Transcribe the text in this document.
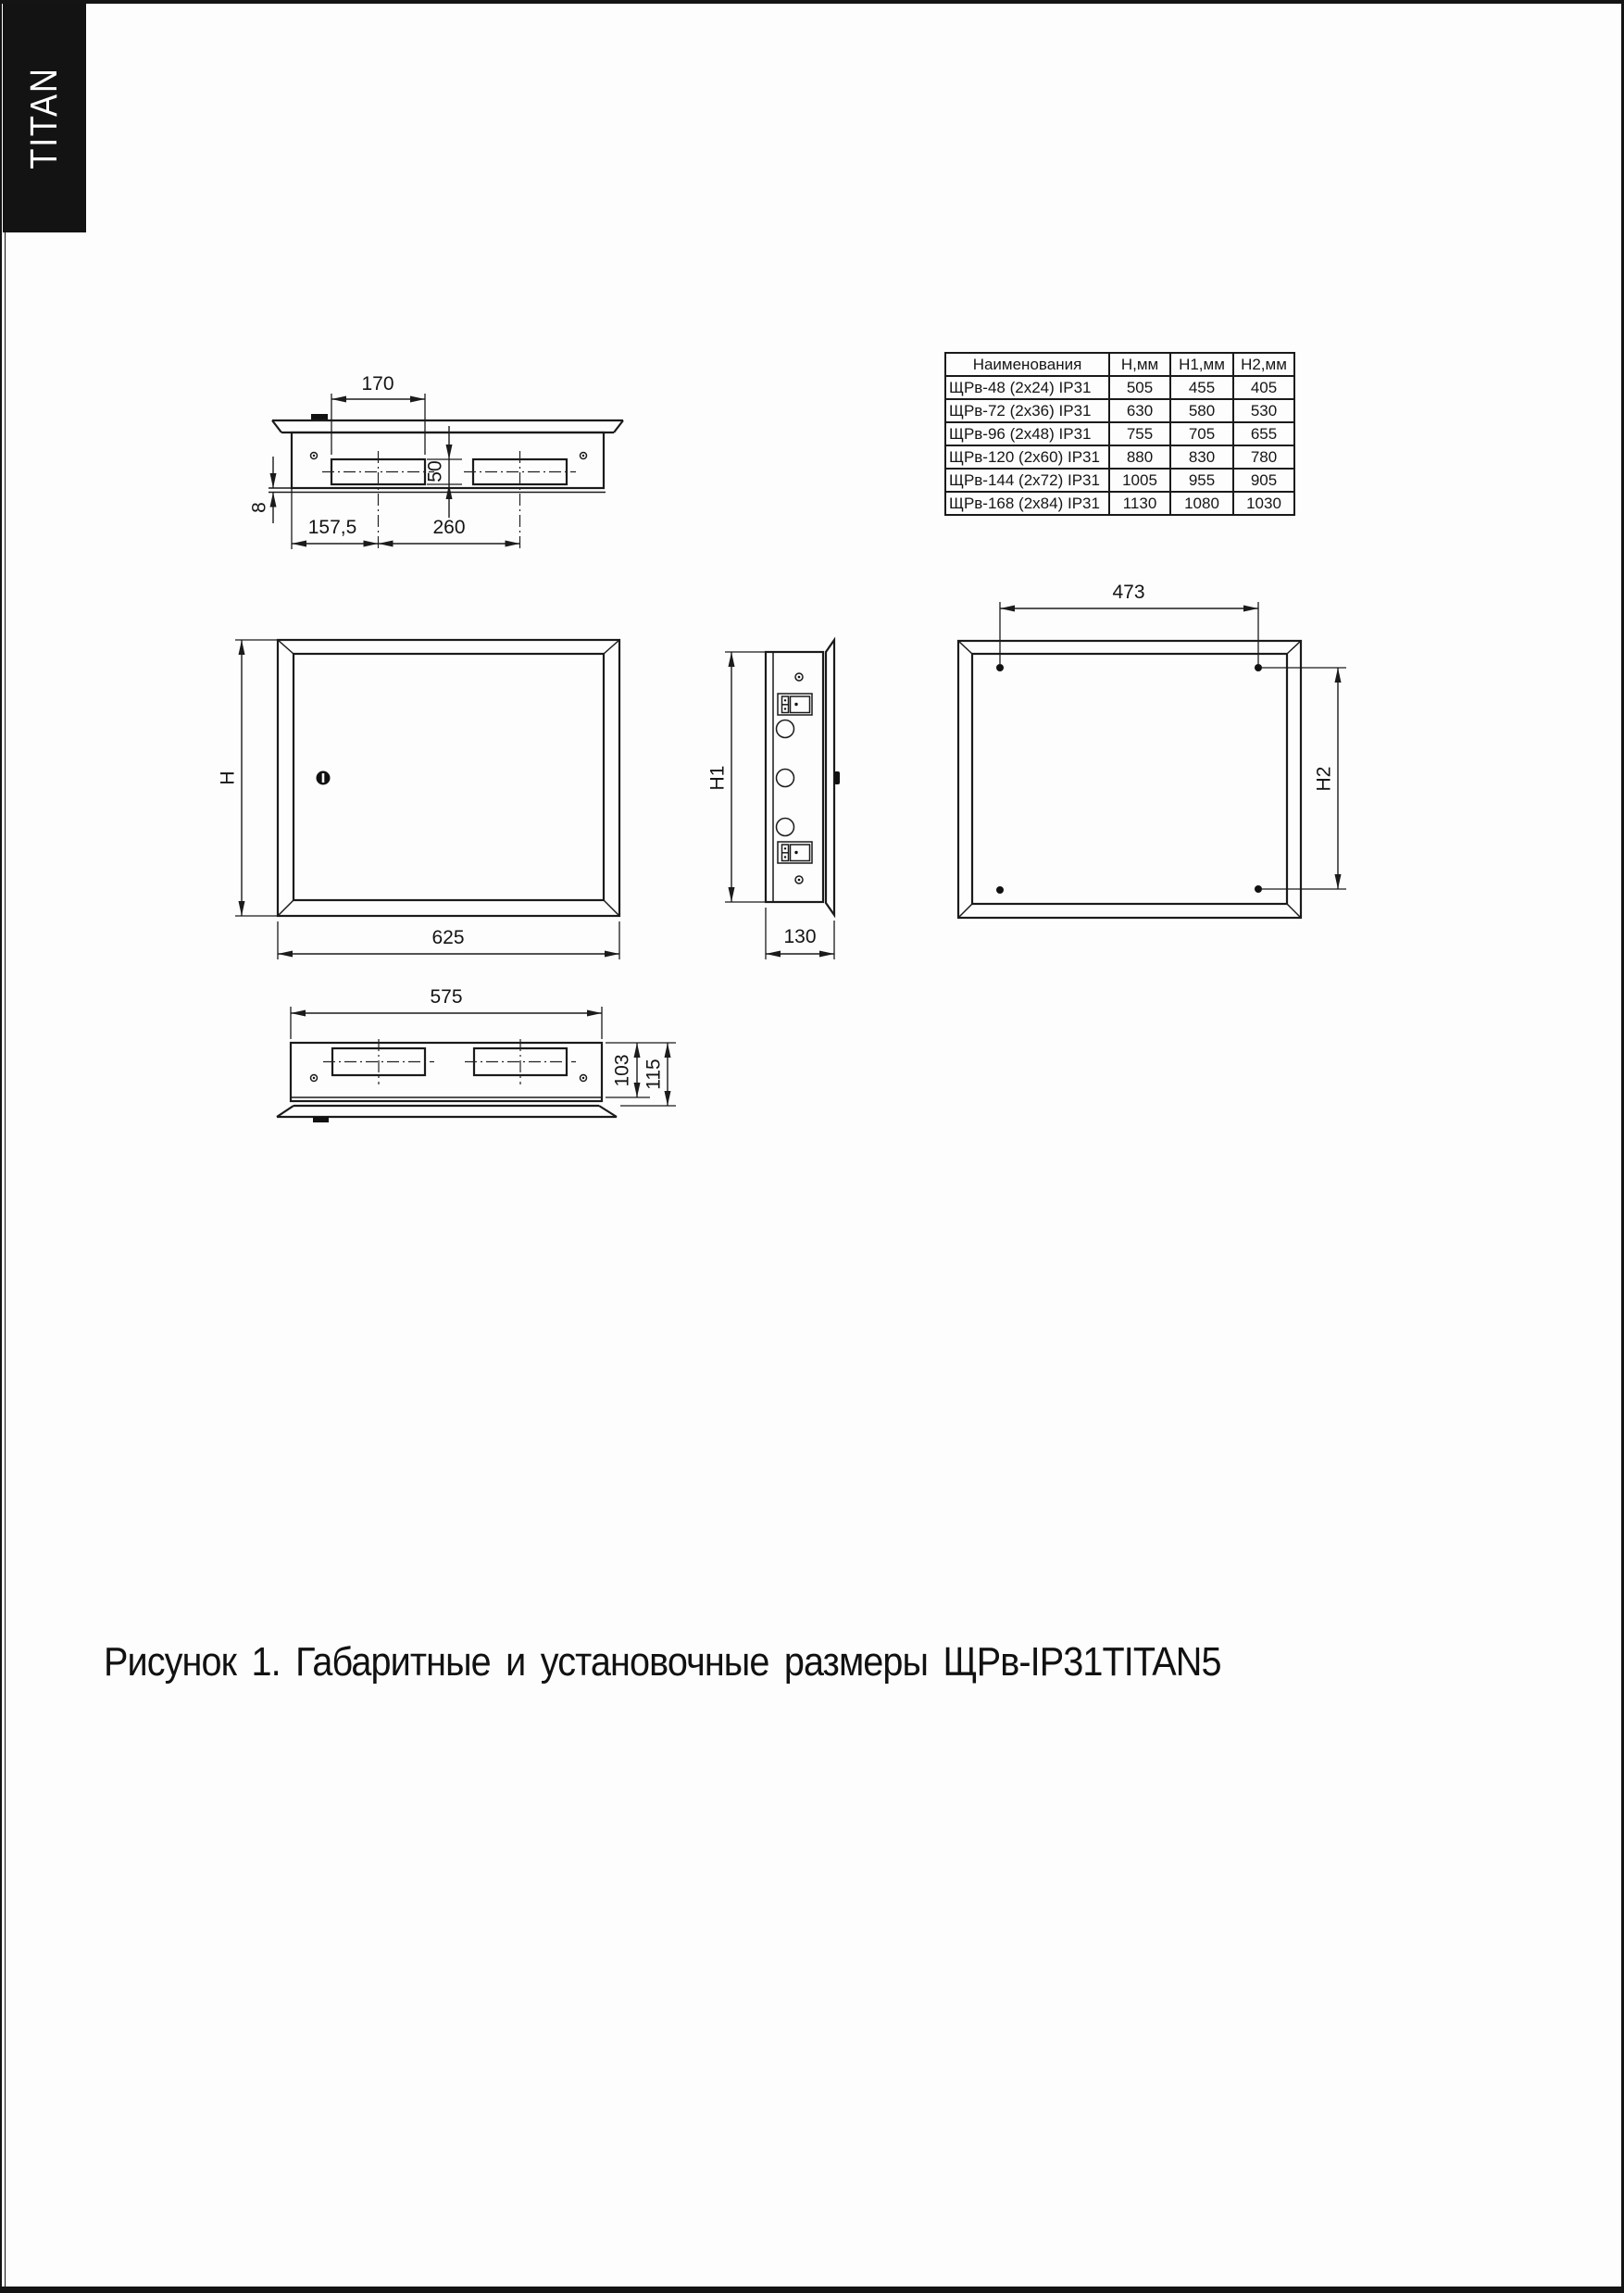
TITAN
Наименования	Н,мм	Н1,мм	Н2,мм
ЩРв-48 (2х24) IP31	505	455	405
ЩРв-72 (2х36) IP31	630	580	530
ЩРв-96 (2х48) IP31	755	705	655
ЩРв-120 (2х60) IP31	880	830	780
ЩРв-144 (2х72) IP31	1005	955	905
ЩРв-168 (2х84) IP31	1130	1080	1030
170
50
8
157,5	260
H
625
H1
130
473
H2
575
103 115
Рисунок 1. Габаритные и установочные размеры ЩРв-IP31TITAN5
